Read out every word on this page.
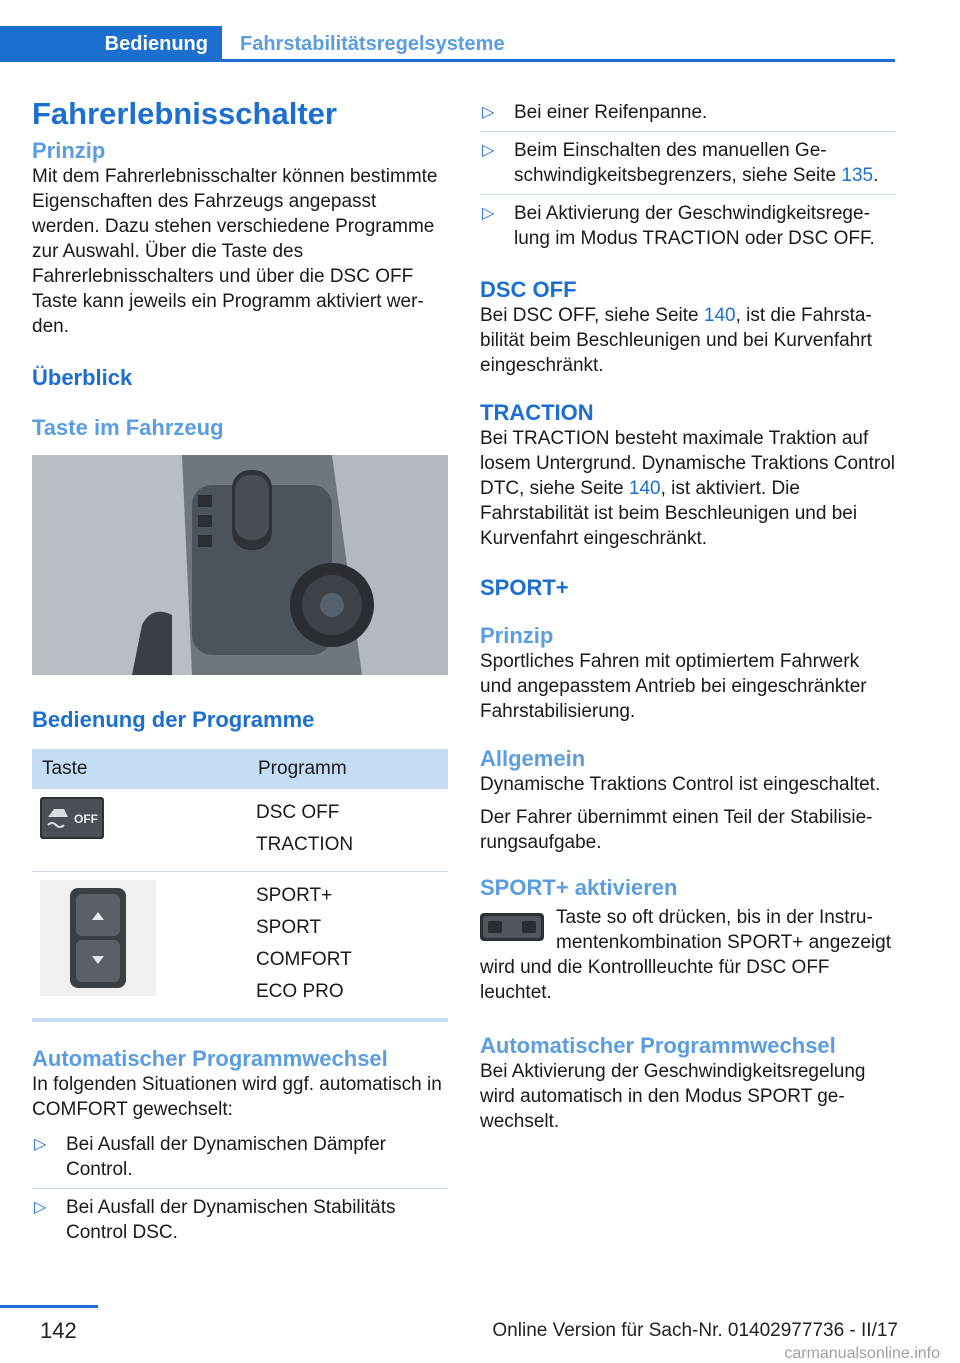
Bedienung	Fahrstabilitätsregelsysteme
Fahrerlebnisschalter
Prinzip

Mit dem Fahrerlebnisschalter können bestimmte Eigenschaften des Fahrzeugs angepasst werden. Dazu stehen verschiedene Programme zur Auswahl. Über die Taste des Fahrerlebnisschalters und über die DSC OFF Taste kann jeweils ein Programm aktiviert werden.

Überblick
Taste im Fahrzeug
Bedienung der Programme
Taste	Programm

OFF	DSC OFF
TRACTION

SPORT+
SPORT
COMFORT
ECO PRO
Automatischer Programmwechsel

In folgenden Situationen wird ggf. automatisch in COMFORT gewechselt:

▷ Bei Ausfall der Dynamischen Dämpfer Control.
▷ Bei Ausfall der Dynamischen Stabilitäts Control DSC.
▷ Bei einer Reifenpanne.
▷ Beim Einschalten des manuellen Geschwindigkeitsbegrenzers, siehe Seite 135.
▷ Bei Aktivierung der Geschwindigkeitsregelung im Modus TRACTION oder DSC OFF.
DSC OFF

Bei DSC OFF, siehe Seite 140, ist die Fahrstabilität beim Beschleunigen und bei Kurvenfahrt eingeschränkt.

TRACTION

Bei TRACTION besteht maximale Traktion auf losem Untergrund. Dynamische Traktions Control DTC, siehe Seite 140, ist aktiviert. Die Fahrstabilität ist beim Beschleunigen und bei Kurvenfahrt eingeschränkt.

SPORT+
Prinzip

Sportliches Fahren mit optimiertem Fahrwerk und angepasstem Antrieb bei eingeschränkter Fahrstabilisierung.

Allgemein

Dynamische Traktions Control ist eingeschaltet.

Der Fahrer übernimmt einen Teil der Stabilisierungsaufgabe.

SPORT+ aktivieren

Taste so oft drücken, bis in der Instrumentenkombination SPORT+ angezeigt wird und die Kontrollleuchte für DSC OFF leuchtet.

Automatischer Programmwechsel

Bei Aktivierung der Geschwindigkeitsregelung wird automatisch in den Modus SPORT gewechselt.

142	Online Version für Sach-Nr. 01402977736 - II/17
carmanualsonline.info
